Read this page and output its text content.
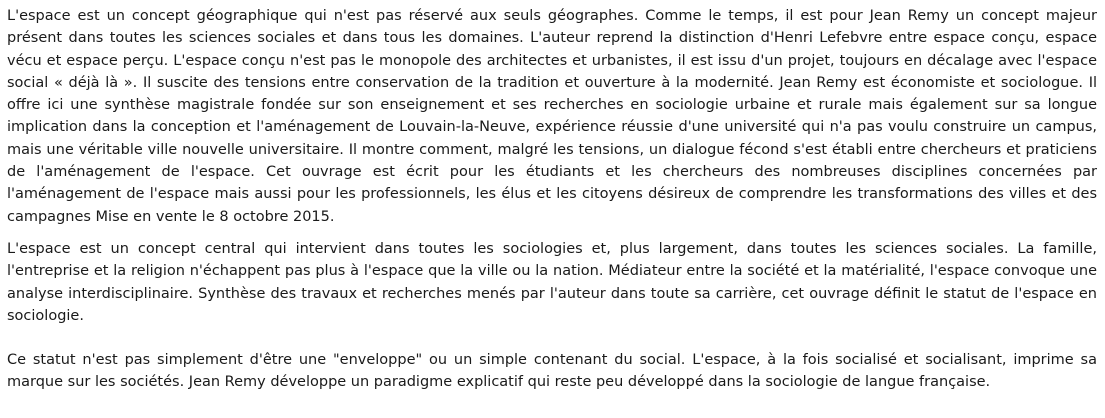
L'espace est un concept géographique qui n'est pas réservé aux seuls géographes. Comme le temps, il est pour Jean Remy un concept majeur présent dans toutes les sciences sociales et dans tous les domaines. L'auteur reprend la distinction d'Henri Lefebvre entre espace conçu, espace vécu et espace perçu. L'espace conçu n'est pas le monopole des architectes et urbanistes, il est issu d'un projet, toujours en décalage avec l'espace social « déjà là ». Il suscite des tensions entre conservation de la tradition et ouverture à la modernité. Jean Remy est économiste et sociologue. Il offre ici une synthèse magistrale fondée sur son enseignement et ses recherches en sociologie urbaine et rurale mais également sur sa longue implication dans la conception et l'aménagement de Louvain-la-Neuve, expérience réussie d'une université qui n'a pas voulu construire un campus, mais une véritable ville nouvelle universitaire. Il montre comment, malgré les tensions, un dialogue fécond s'est établi entre chercheurs et praticiens de l'aménagement de l'espace. Cet ouvrage est écrit pour les étudiants et les chercheurs des nombreuses disciplines concernées par l'aménagement de l'espace mais aussi pour les professionnels, les élus et les citoyens désireux de comprendre les transformations des villes et des campagnes Mise en vente le 8 octobre 2015.

L'espace est un concept central qui intervient dans toutes les sociologies et, plus largement, dans toutes les sciences sociales. La famille, l'entreprise et la religion n'échappent pas plus à l'espace que la ville ou la nation. Médiateur entre la société et la matérialité, l'espace convoque une analyse interdisciplinaire. Synthèse des travaux et recherches menés par l'auteur dans toute sa carrière, cet ouvrage définit le statut de l'espace en sociologie.

Ce statut n'est pas simplement d'être une "enveloppe" ou un simple contenant du social. L'espace, à la fois socialisé et socialisant, imprime sa marque sur les sociétés. Jean Remy développe un paradigme explicatif qui reste peu développé dans la sociologie de langue française.
